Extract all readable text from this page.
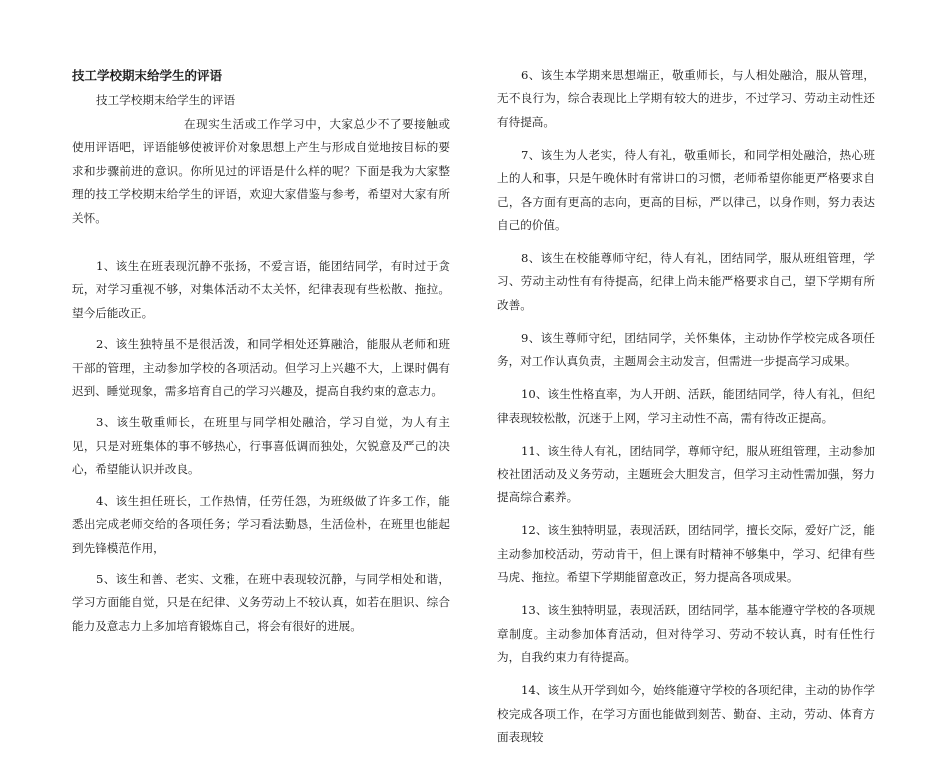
技工学校期末给学生的评语

技工学校期末给学生的评语

在现实生活或工作学习中，大家总少不了要接触或使用评语吧，评语能够使被评价对象思想上产生与形成自觉地按目标的要求和步骤前进的意识。你所见过的评语是什么样的呢？下面是我为大家整理的技工学校期末给学生的评语，欢迎大家借鉴与参考，希望对大家有所关怀。

1、该生在班表现沉静不张扬，不爱言语，能团结同学，有时过于贪玩，对学习重视不够，对集体活动不太关怀，纪律表现有些松散、拖拉。望今后能改正。

2、该生独特虽不是很活泼，和同学相处还算融洽，能服从老师和班干部的管理，主动参加学校的各项活动。但学习上兴趣不大，上课时偶有迟到、睡觉现象，需多培育自己的学习兴趣及，提高自我约束的意志力。

3、该生敬重师长，在班里与同学相处融洽，学习自觉，为人有主见，只是对班集体的事不够热心，行事喜低调而独处，欠锐意及严己的决心，希望能认识并改良。

4、该生担任班长，工作热情，任劳任怨，为班级做了许多工作，能悉出完成老师交给的各项任务；学习看法勤恳，生活俭朴，在班里也能起到先锋模范作用，

5、该生和善、老实、文雅，在班中表现较沉静，与同学相处和谐，学习方面能自觉，只是在纪律、义务劳动上不较认真，如若在胆识、综合能力及意志力上多加培育锻炼自己，将会有很好的进展。

6、该生本学期来思想端正，敬重师长，与人相处融洽，服从管理，无不良行为，综合表现比上学期有较大的进步，不过学习、劳动主动性还有待提高。

7、该生为人老实，待人有礼，敬重师长，和同学相处融洽，热心班上的人和事，只是午晚休时有常讲口的习惯，老师希望你能更严格要求自己，各方面有更高的志向，更高的目标，严以律己，以身作则，努力表达自己的价值。

8、该生在校能尊师守纪，待人有礼，团结同学，服从班组管理，学习、劳动主动性有有待提高，纪律上尚未能严格要求自己，望下学期有所改善。

9、该生尊师守纪，团结同学，关怀集体，主动协作学校完成各项任务，对工作认真负责，主题周会主动发言，但需进一步提高学习成果。

10、该生性格直率，为人开朗、活跃，能团结同学，待人有礼，但纪律表现较松散，沉迷于上网，学习主动性不高，需有待改正提高。

11、该生待人有礼，团结同学，尊师守纪，服从班组管理，主动参加校社团活动及义务劳动，主题班会大胆发言，但学习主动性需加强，努力提高综合素养。

12、该生独特明显，表现活跃，团结同学，擅长交际，爱好广泛，能主动参加校活动，劳动肯干，但上课有时精神不够集中，学习、纪律有些马虎、拖拉。希望下学期能留意改正，努力提高各项成果。

13、该生独特明显，表现活跃，团结同学，基本能遵守学校的各项规章制度。主动参加体育活动，但对待学习、劳动不较认真，时有任性行为，自我约束力有待提高。

14、该生从开学到如今，始终能遵守学校的各项纪律，主动的协作学校完成各项工作，在学习方面也能做到刻苦、勤奋、主动，劳动、体育方面表现较
